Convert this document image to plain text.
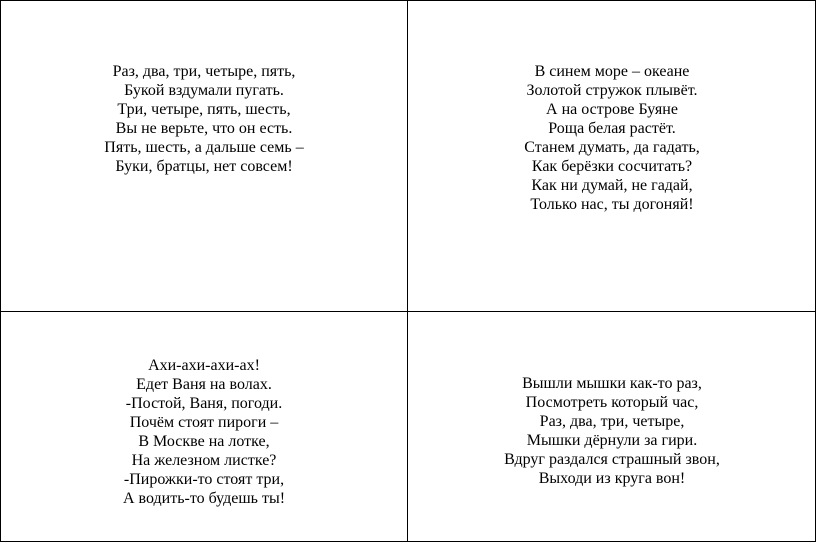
Раз, два, три, четыре, пять,
Букой вздумали пугать.
Три, четыре, пять, шесть,
Вы не верьте, что он есть.
Пять, шесть, а дальше семь –
Буки, братцы, нет совсем!
В синем море – океане
Золотой стружок плывёт.
А на острове Буяне
Роща белая растёт.
Станем думать, да гадать,
Как берёзки сосчитать?
Как ни думай, не гадай,
Только нас, ты догоняй!
Ахи-ахи-ахи-ах!
Едет Ваня на волах.
-Постой, Ваня, погоди.
Почём стоят пироги –
В Москве на лотке,
На железном листке?
-Пирожки-то стоят три,
А водить-то будешь ты!
Вышли мышки как-то раз,
Посмотреть который час,
Раз, два, три, четыре,
Мышки дёрнули за гири.
Вдруг раздался страшный звон,
Выходи из круга вон!
